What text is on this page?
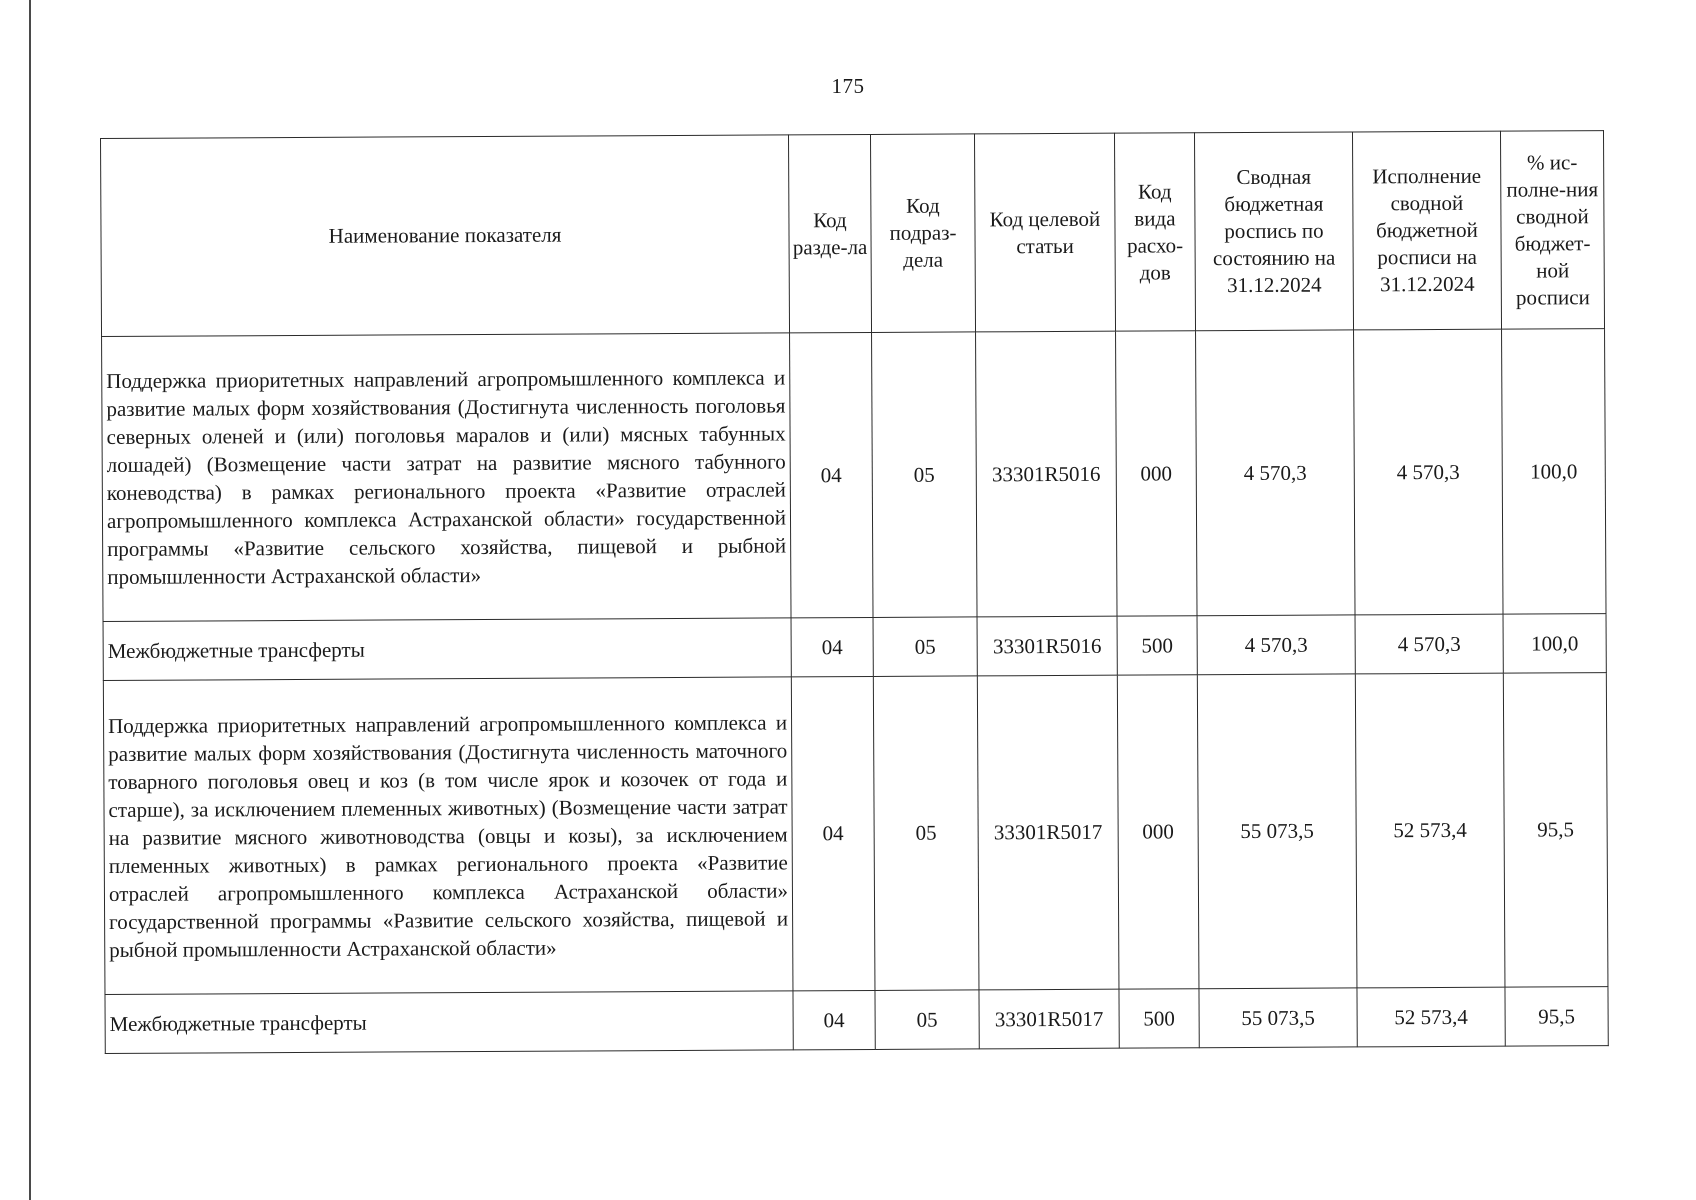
175
Наименование показателя	Код разде-ла	Код подраз-дела	Код целевой статьи	Код вида расхо-дов	Сводная бюджетная роспись по состоянию на 31.12.2024	Исполнение сводной бюджетной росписи на 31.12.2024	% ис-полне-ния сводной бюджет-ной росписи
Поддержка приоритетных направлений агропромышленного комплекса и развитие малых форм хозяйствования (Достигнута численность поголовья северных оленей и (или) поголовья маралов и (или) мясных табунных лошадей) (Возмещение части затрат на развитие мясного табунного коневодства) в рамках регионального проекта «Развитие отраслей агропромышленного комплекса Астраханской области» государственной программы «Развитие сельского хозяйства, пищевой и рыбной промышленности Астраханской области»	04	05	33301R5016	000	4 570,3	4 570,3	100,0
Межбюджетные трансферты	04	05	33301R5016	500	4 570,3	4 570,3	100,0
Поддержка приоритетных направлений агропромышленного комплекса и развитие малых форм хозяйствования (Достигнута численность маточного товарного поголовья овец и коз (в том числе ярок и козочек от года и старше), за исключением племенных животных) (Возмещение части затрат на развитие мясного животноводства (овцы и козы), за исключением племенных животных) в рамках регионального проекта «Развитие отраслей агропромышленного комплекса Астраханской области» государственной программы «Развитие сельского хозяйства, пищевой и рыбной промышленности Астраханской области»	04	05	33301R5017	000	55 073,5	52 573,4	95,5
Межбюджетные трансферты	04	05	33301R5017	500	55 073,5	52 573,4	95,5
